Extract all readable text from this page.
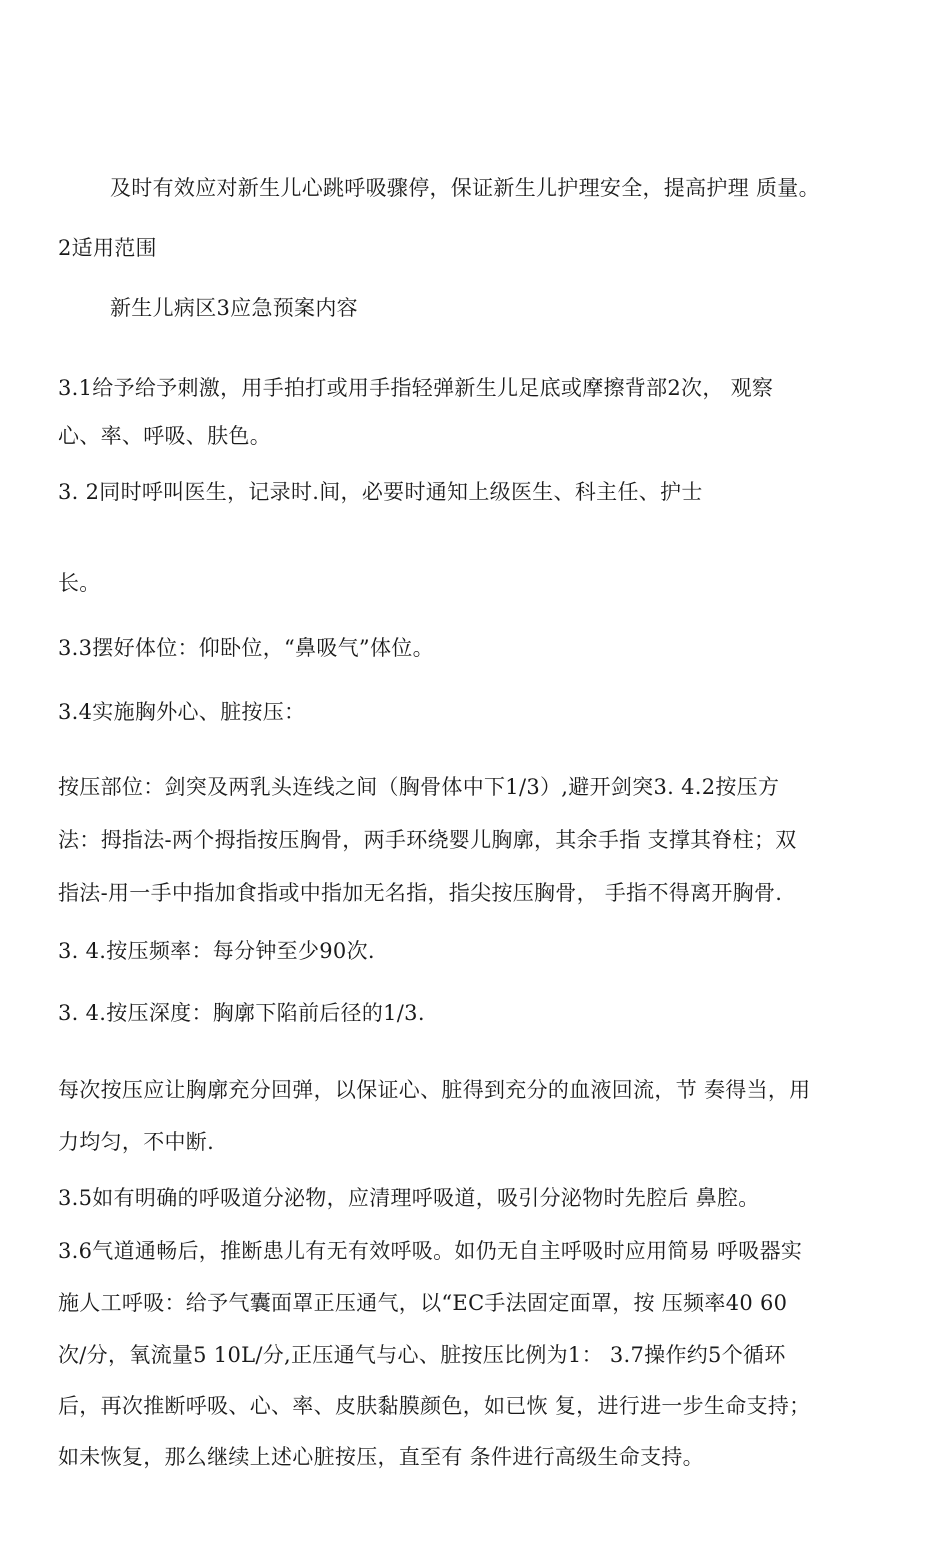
及时有效应对新生儿心跳呼吸骤停，保证新生儿护理安全，提高护理 质量。
2适用范围
新生儿病区3应急预案内容
3.1给予给予刺激，用手拍打或用手指轻弹新生儿足底或摩擦背部2次， 观察
心、率、呼吸、肤色。
3. 2同时呼叫医生，记录时.间，必要时通知上级医生、科主任、护士
长。
3.3摆好体位：仰卧位，“鼻吸气”体位。
3.4实施胸外心、脏按压：
按压部位：剑突及两乳头连线之间（胸骨体中下1/3）,避开剑突3. 4.2按压方
法：拇指法-两个拇指按压胸骨，两手环绕婴儿胸廓，其余手指 支撑其脊柱；双
指法-用一手中指加食指或中指加无名指，指尖按压胸骨， 手指不得离开胸骨.
3. 4.按压频率：每分钟至少90次.
3. 4.按压深度：胸廓下陷前后径的1/3.
每次按压应让胸廓充分回弹，以保证心、脏得到充分的血液回流，节 奏得当，用
力均匀，不中断.
3.5如有明确的呼吸道分泌物，应清理呼吸道，吸引分泌物时先腔后 鼻腔。
3.6气道通畅后，推断患儿有无有效呼吸。如仍无自主呼吸时应用简易 呼吸器实
施人工呼吸：给予气囊面罩正压通气，以“EC手法固定面罩，按 压频率40 60
次/分，氧流量5 10L/分,正压通气与心、脏按压比例为1： 3.7操作约5个循环
后，再次推断呼吸、心、率、皮肤黏膜颜色，如已恢 复，进行进一步生命支持；
如未恢复，那么继续上述心脏按压，直至有 条件进行高级生命支持。
